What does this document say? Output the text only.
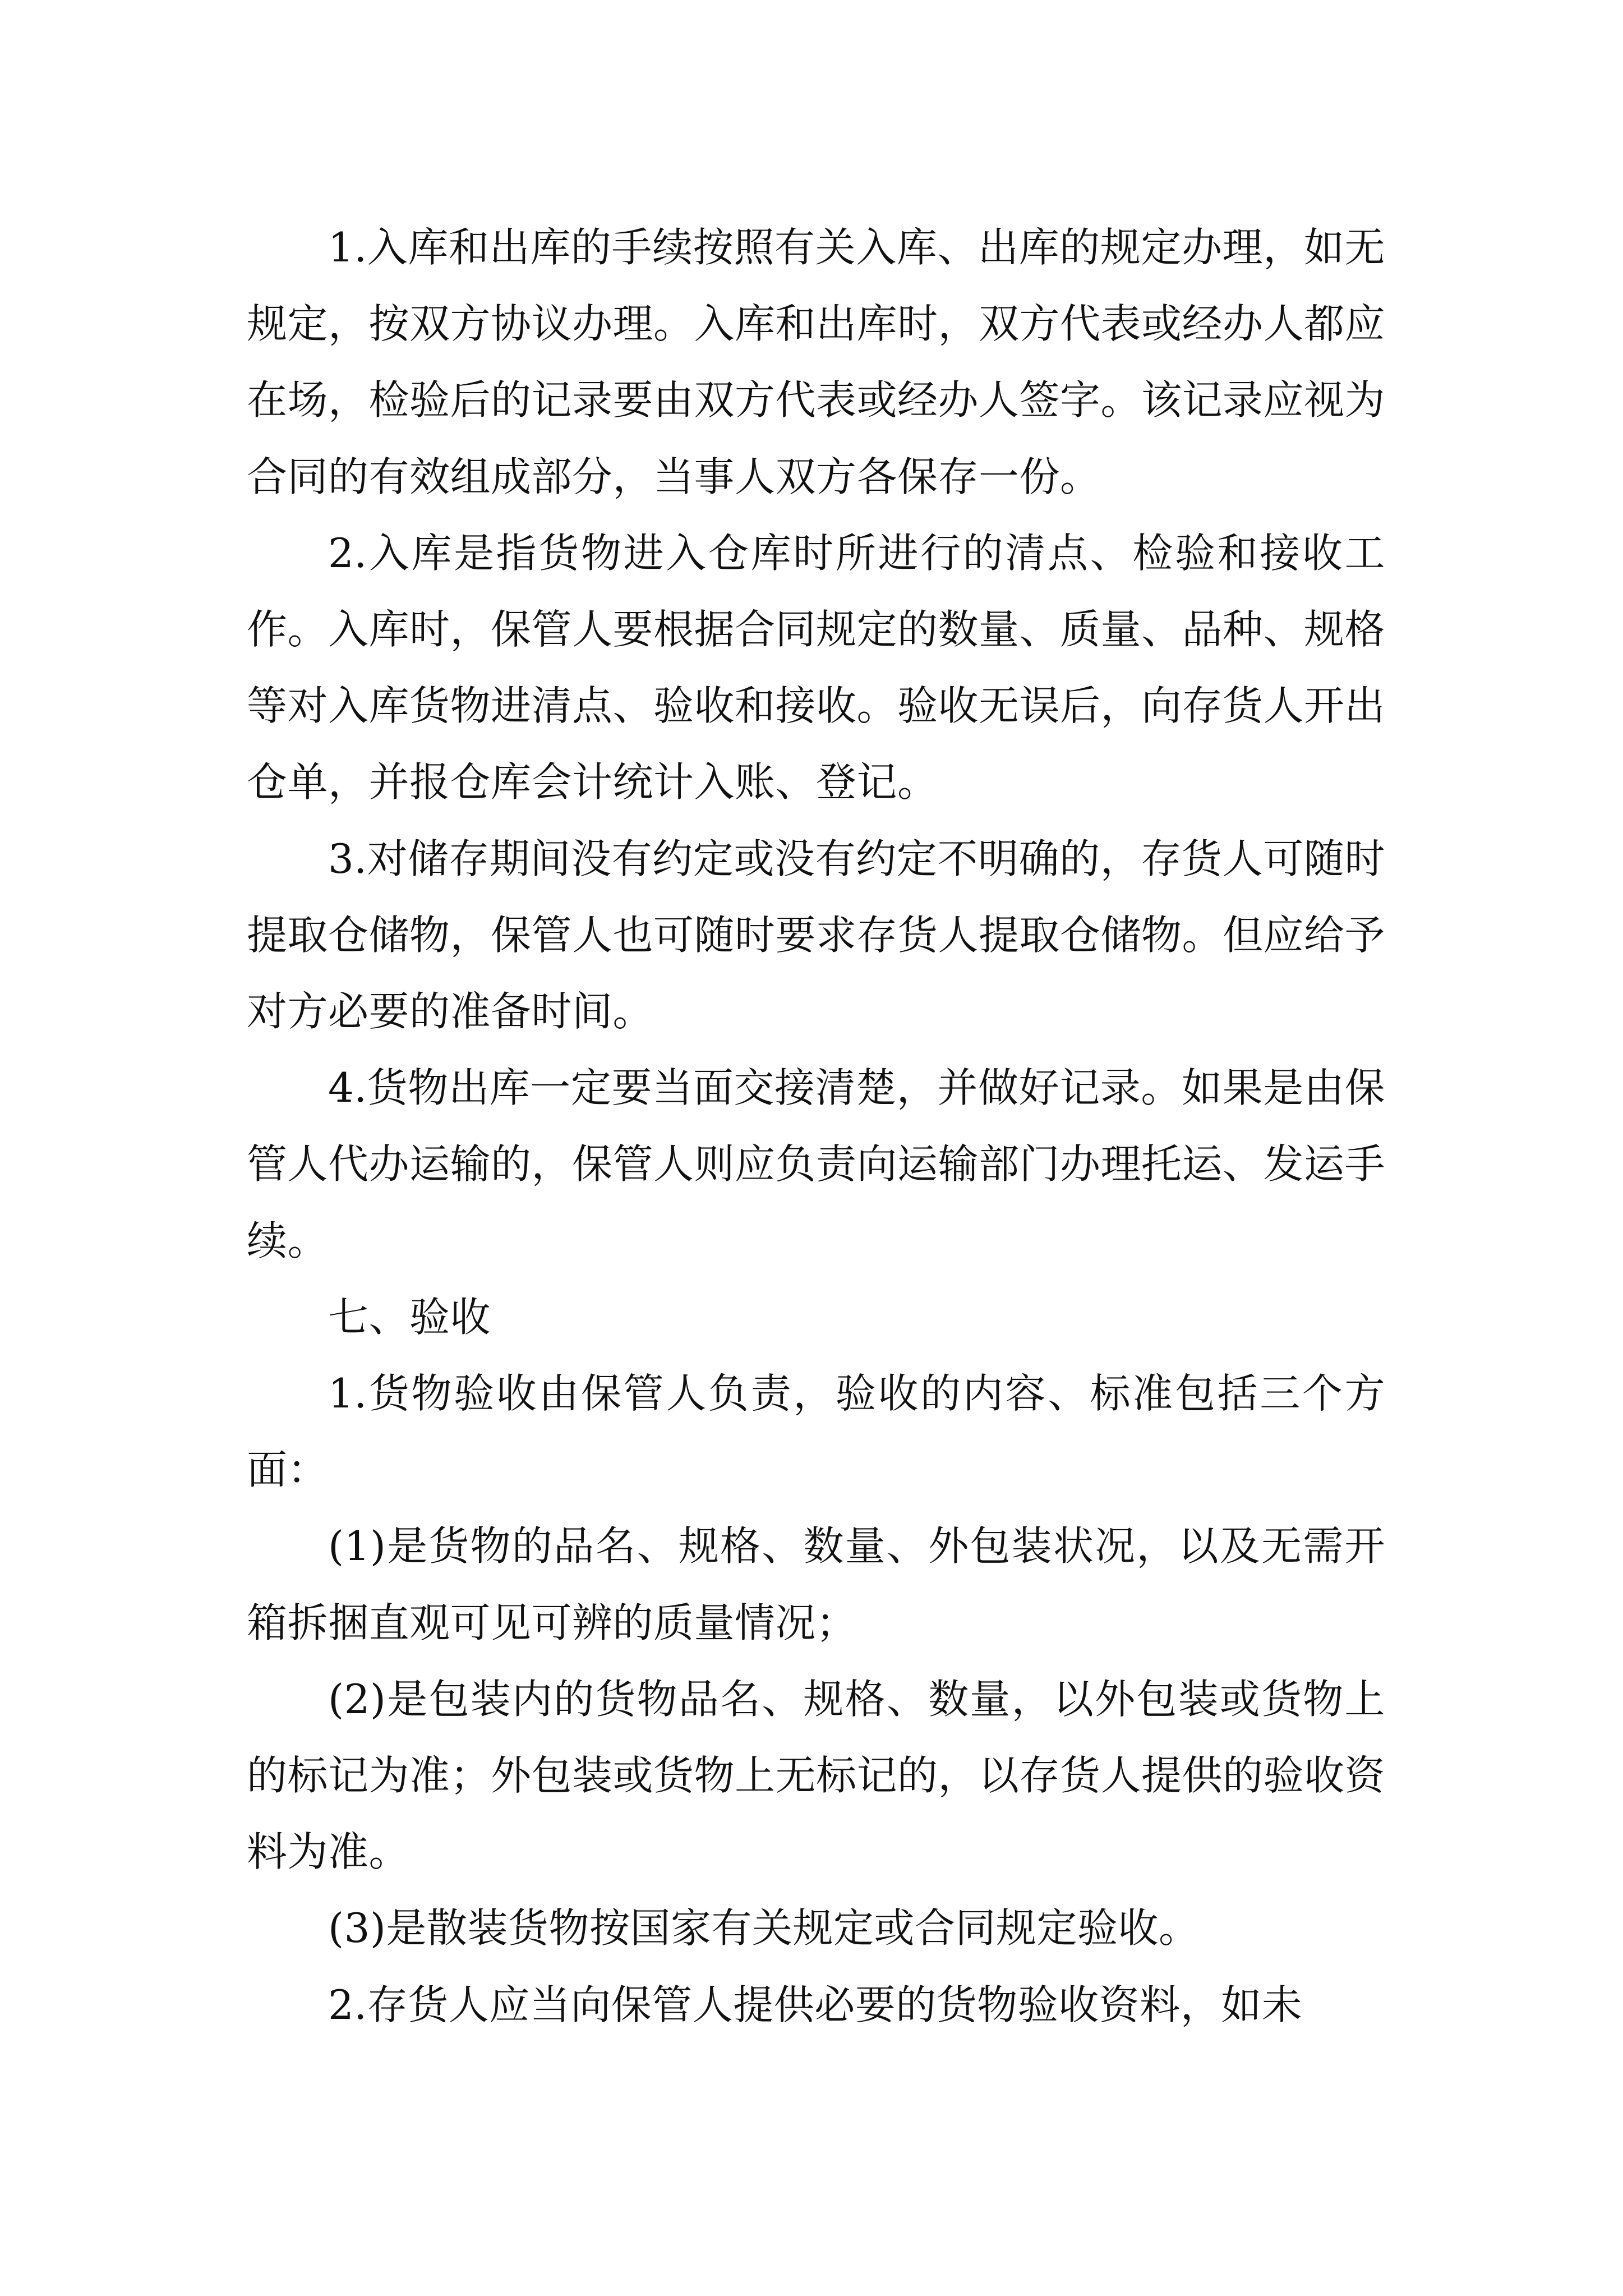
1.入库和出库的手续按照有关入库、出库的规定办理，如无规定，按双方协议办理。入库和出库时，双方代表或经办人都应在场，检验后的记录要由双方代表或经办人签字。该记录应视为合同的有效组成部分，当事人双方各保存一份。

2.入库是指货物进入仓库时所进行的清点、检验和接收工作。入库时，保管人要根据合同规定的数量、质量、品种、规格等对入库货物进清点、验收和接收。验收无误后，向存货人开出仓单，并报仓库会计统计入账、登记。

3.对储存期间没有约定或没有约定不明确的，存货人可随时提取仓储物，保管人也可随时要求存货人提取仓储物。但应给予对方必要的准备时间。

4.货物出库一定要当面交接清楚，并做好记录。如果是由保管人代办运输的，保管人则应负责向运输部门办理托运、发运手续。

七、验收

1.货物验收由保管人负责，验收的内容、标准包括三个方面：

(1)是货物的品名、规格、数量、外包装状况，以及无需开箱拆捆直观可见可辨的质量情况；

(2)是包装内的货物品名、规格、数量，以外包装或货物上的标记为准；外包装或货物上无标记的，以存货人提供的验收资料为准。

(3)是散装货物按国家有关规定或合同规定验收。

2.存货人应当向保管人提供必要的货物验收资料，如未
